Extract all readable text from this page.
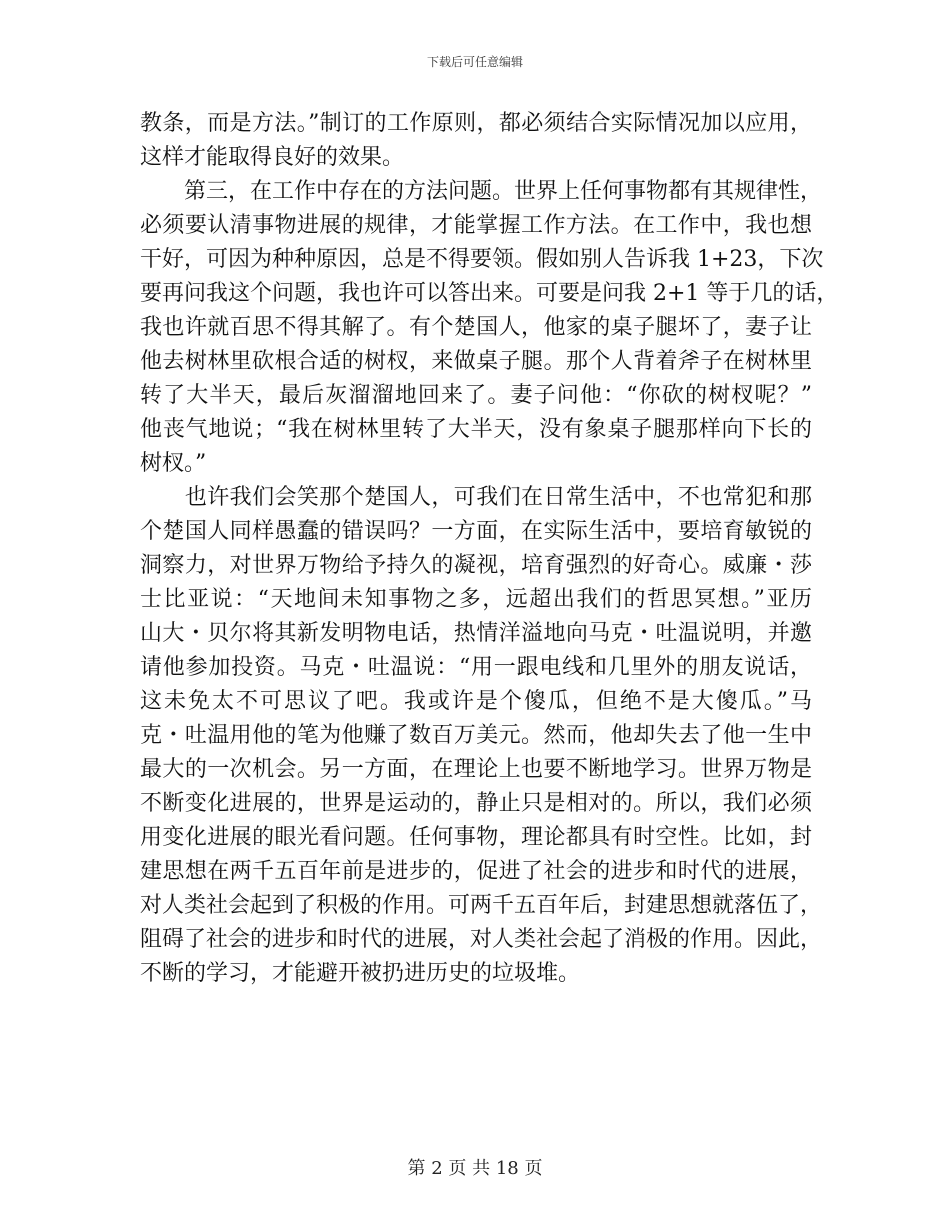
下载后可任意编辑
教条，而是方法。”制订的工作原则，都必须结合实际情况加以应用，
这样才能取得良好的效果。
　　第三，在工作中存在的方法问题。世界上任何事物都有其规律性，
必须要认清事物进展的规律，才能掌握工作方法。在工作中，我也想
干好，可因为种种原因，总是不得要领。假如别人告诉我 1+23，下次
要再问我这个问题，我也许可以答出来。可要是问我 2+1 等于几的话，
我也许就百思不得其解了。有个楚国人，他家的桌子腿坏了，妻子让
他去树林里砍根合适的树杈，来做桌子腿。那个人背着斧子在树林里
转了大半天，最后灰溜溜地回来了。妻子问他：“你砍的树杈呢？”
他丧气地说；“我在树林里转了大半天，没有象桌子腿那样向下长的
树杈。”
　　也许我们会笑那个楚国人，可我们在日常生活中，不也常犯和那
个楚国人同样愚蠢的错误吗？一方面，在实际生活中，要培育敏锐的
洞察力，对世界万物给予持久的凝视，培育强烈的好奇心。威廉・莎
士比亚说：“天地间未知事物之多，远超出我们的哲思冥想。”亚历
山大・贝尔将其新发明物电话，热情洋溢地向马克・吐温说明，并邀
请他参加投资。马克・吐温说：“用一跟电线和几里外的朋友说话，
这未免太不可思议了吧。我或许是个傻瓜，但绝不是大傻瓜。”马
克・吐温用他的笔为他赚了数百万美元。然而，他却失去了他一生中
最大的一次机会。另一方面，在理论上也要不断地学习。世界万物是
不断变化进展的，世界是运动的，静止只是相对的。所以，我们必须
用变化进展的眼光看问题。任何事物，理论都具有时空性。比如，封
建思想在两千五百年前是进步的，促进了社会的进步和时代的进展，
对人类社会起到了积极的作用。可两千五百年后，封建思想就落伍了，
阻碍了社会的进步和时代的进展，对人类社会起了消极的作用。因此，
不断的学习，才能避开被扔进历史的垃圾堆。
第 2 页 共 18 页
